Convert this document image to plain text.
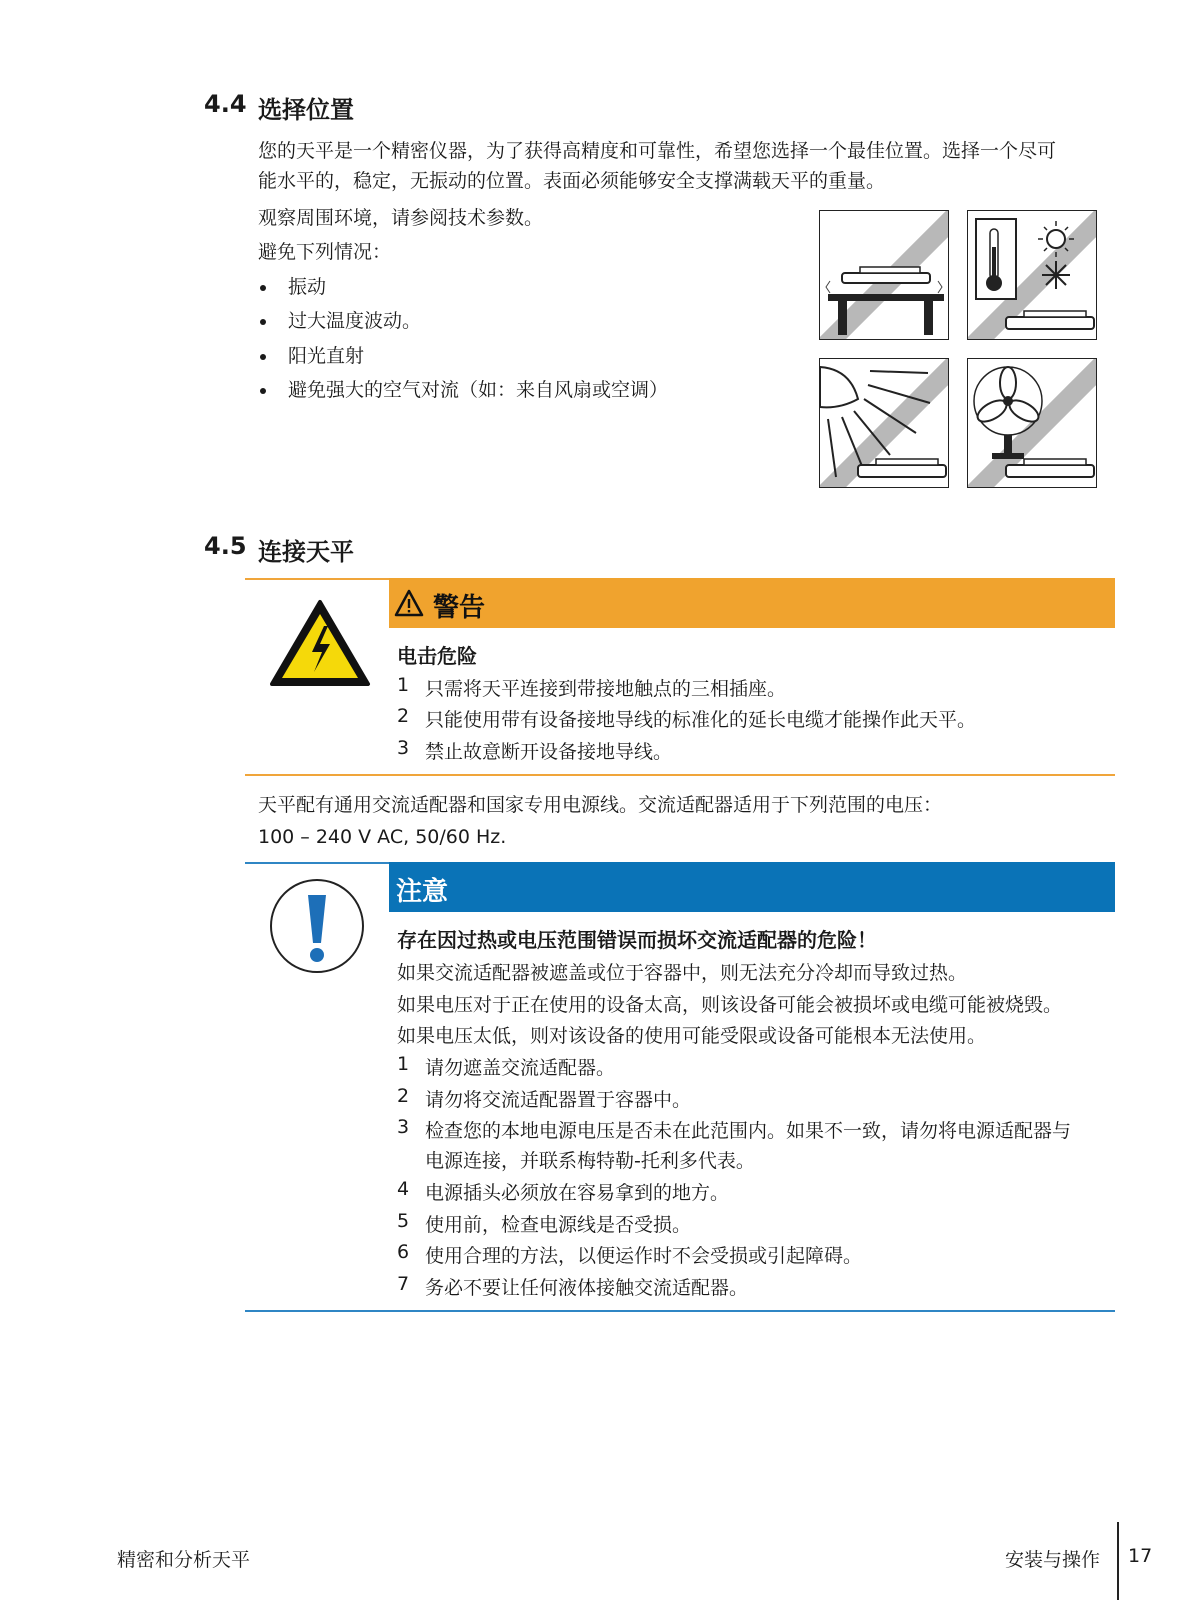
4.4 选择位置
您的天平是一个精密仪器，为了获得高精度和可靠性，希望您选择一个最佳位置。选择一个尽可
能水平的，稳定，无振动的位置。表面必须能够安全支撑满载天平的重量。
观察周围环境，请参阅技术参数。
避免下列情况：
振动
过大温度波动。
阳光直射
避免强大的空气对流（如：来自风扇或空调）
4.5 连接天平
警告
电击危险
1 只需将天平连接到带接地触点的三相插座。
2 只能使用带有设备接地导线的标准化的延长电缆才能操作此天平。
3 禁止故意断开设备接地导线。
天平配有通用交流适配器和国家专用电源线。交流适配器适用于下列范围的电压：
100 – 240 V AC, 50/60 Hz.
注意
存在因过热或电压范围错误而损坏交流适配器的危险！
如果交流适配器被遮盖或位于容器中，则无法充分冷却而导致过热。
如果电压对于正在使用的设备太高，则该设备可能会被损坏或电缆可能被烧毁。
如果电压太低，则对该设备的使用可能受限或设备可能根本无法使用。
1 请勿遮盖交流适配器。
2 请勿将交流适配器置于容器中。
3 检查您的本地电源电压是否未在此范围内。如果不一致，请勿将电源适配器与
电源连接，并联系梅特勒-托利多代表。
4 电源插头必须放在容易拿到的地方。
5 使用前，检查电源线是否受损。
6 使用合理的方法，以便运作时不会受损或引起障碍。
7 务必不要让任何液体接触交流适配器。
精密和分析天平	安装与操作 17
